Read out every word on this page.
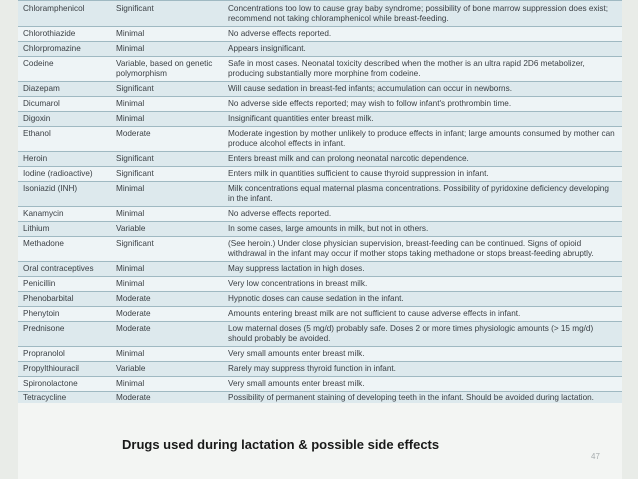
Chloramphenicol	Significant	Concentrations too low to cause gray baby syndrome; possibility of bone marrow suppression does exist; recommend not taking chloramphenicol while breast-feeding.
Chlorothiazide	Minimal	No adverse effects reported.
Chlorpromazine	Minimal	Appears insignificant.
Codeine	Variable, based on genetic polymorphism	Safe in most cases. Neonatal toxicity described when the mother is an ultra rapid 2D6 metabolizer, producing substantially more morphine from codeine.
Diazepam	Significant	Will cause sedation in breast-fed infants; accumulation can occur in newborns.
Dicumarol	Minimal	No adverse side effects reported; may wish to follow infant's prothrombin time.
Digoxin	Minimal	Insignificant quantities enter breast milk.
Ethanol	Moderate	Moderate ingestion by mother unlikely to produce effects in infant; large amounts consumed by mother can produce alcohol effects in infant.
Heroin	Significant	Enters breast milk and can prolong neonatal narcotic dependence.
Iodine (radioactive)	Significant	Enters milk in quantities sufficient to cause thyroid suppression in infant.
Isoniazid (INH)	Minimal	Milk concentrations equal maternal plasma concentrations. Possibility of pyridoxine deficiency developing in the infant.
Kanamycin	Minimal	No adverse effects reported.
Lithium	Variable	In some cases, large amounts in milk, but not in others.
Methadone	Significant	(See heroin.) Under close physician supervision, breast-feeding can be continued. Signs of opioid withdrawal in the infant may occur if mother stops taking methadone or stops breast-feeding abruptly.
Oral contraceptives	Minimal	May suppress lactation in high doses.
Penicillin	Minimal	Very low concentrations in breast milk.
Phenobarbital	Moderate	Hypnotic doses can cause sedation in the infant.
Phenytoin	Moderate	Amounts entering breast milk are not sufficient to cause adverse effects in infant.
Prednisone	Moderate	Low maternal doses (5 mg/d) probably safe. Doses 2 or more times physiologic amounts (> 15 mg/d) should probably be avoided.
Propranolol	Minimal	Very small amounts enter breast milk.
Propylthiouracil	Variable	Rarely may suppress thyroid function in infant.
Spironolactone	Minimal	Very small amounts enter breast milk.
Tetracycline	Moderate	Possibility of permanent staining of developing teeth in the infant. Should be avoided during lactation.
Drugs used during lactation & possible side effects
47
